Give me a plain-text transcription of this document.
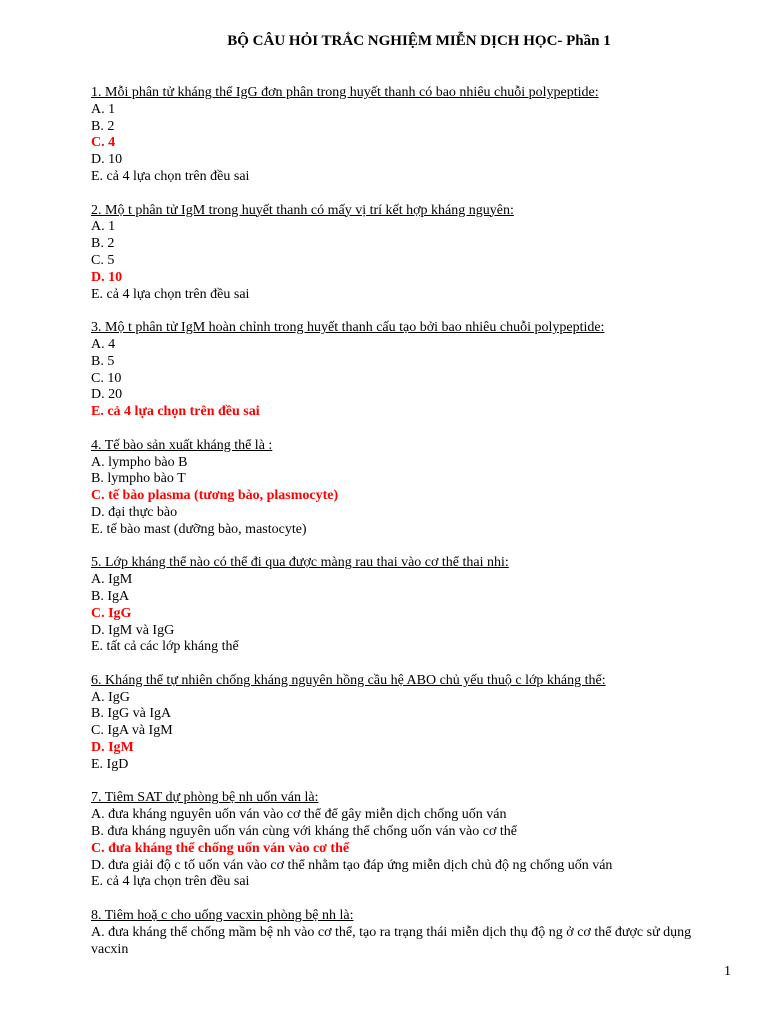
BỘ CÂU HỎI TRẮC NGHIỆM MIỄN DỊCH HỌC- Phần 1
1. Mỗi phân tử kháng thể IgG đơn phân trong huyết thanh có bao nhiêu chuỗi polypeptide:
A. 1
B. 2
C. 4
D. 10
E. cả 4 lựa chọn trên đều sai
2. Mộ t phân tử IgM trong huyết thanh có mấy vị trí kết hợp kháng nguyên:
A. 1
B. 2
C. 5
D. 10
E. cả 4 lựa chọn trên đều sai
3. Mộ t phân tử IgM hoàn chỉnh trong huyết thanh cấu tạo bởi bao nhiêu chuỗi polypeptide:
A. 4
B. 5
C. 10
D. 20
E. cả 4 lựa chọn trên đều sai
4. Tế bào sản xuất kháng thể là :
A. lympho bào B
B. lympho bào T
C. tế bào plasma (tương bào, plasmocyte)
D. đại thực bào
E. tế bào mast (dưỡng bào, mastocyte)
5. Lớp kháng thể nào có thể đi qua được màng rau thai vào cơ thể thai nhi:
A. IgM
B. IgA
C. IgG
D. IgM và IgG
E. tất cả các lớp kháng thể
6. Kháng thể tự nhiên chống kháng nguyên hồng cầu hệ ABO chủ yếu thuộ c lớp kháng thể:
A. IgG
B. IgG và IgA
C. IgA và IgM
D. IgM
E. IgD
7. Tiêm SAT dự phòng bệ nh uốn ván là:
A. đưa kháng nguyên uốn ván vào cơ thể để gây miễn dịch chống uốn ván
B. đưa kháng nguyên uốn ván cùng với kháng thể chống uốn ván vào cơ thể
C. đưa kháng thể chống uốn ván vào cơ thể
D. đưa giải độ c tố uốn ván vào cơ thể nhằm tạo đáp ứng miễn dịch chủ độ ng chống uốn ván
E. cả 4 lựa chọn trên đều sai
8. Tiêm hoặ c cho uống vacxin phòng bệ nh là:
A. đưa kháng thể chống mầm bệ nh vào cơ thể, tạo ra trạng thái miễn dịch thụ độ ng ở cơ thể được sử dụng vacxin
1
